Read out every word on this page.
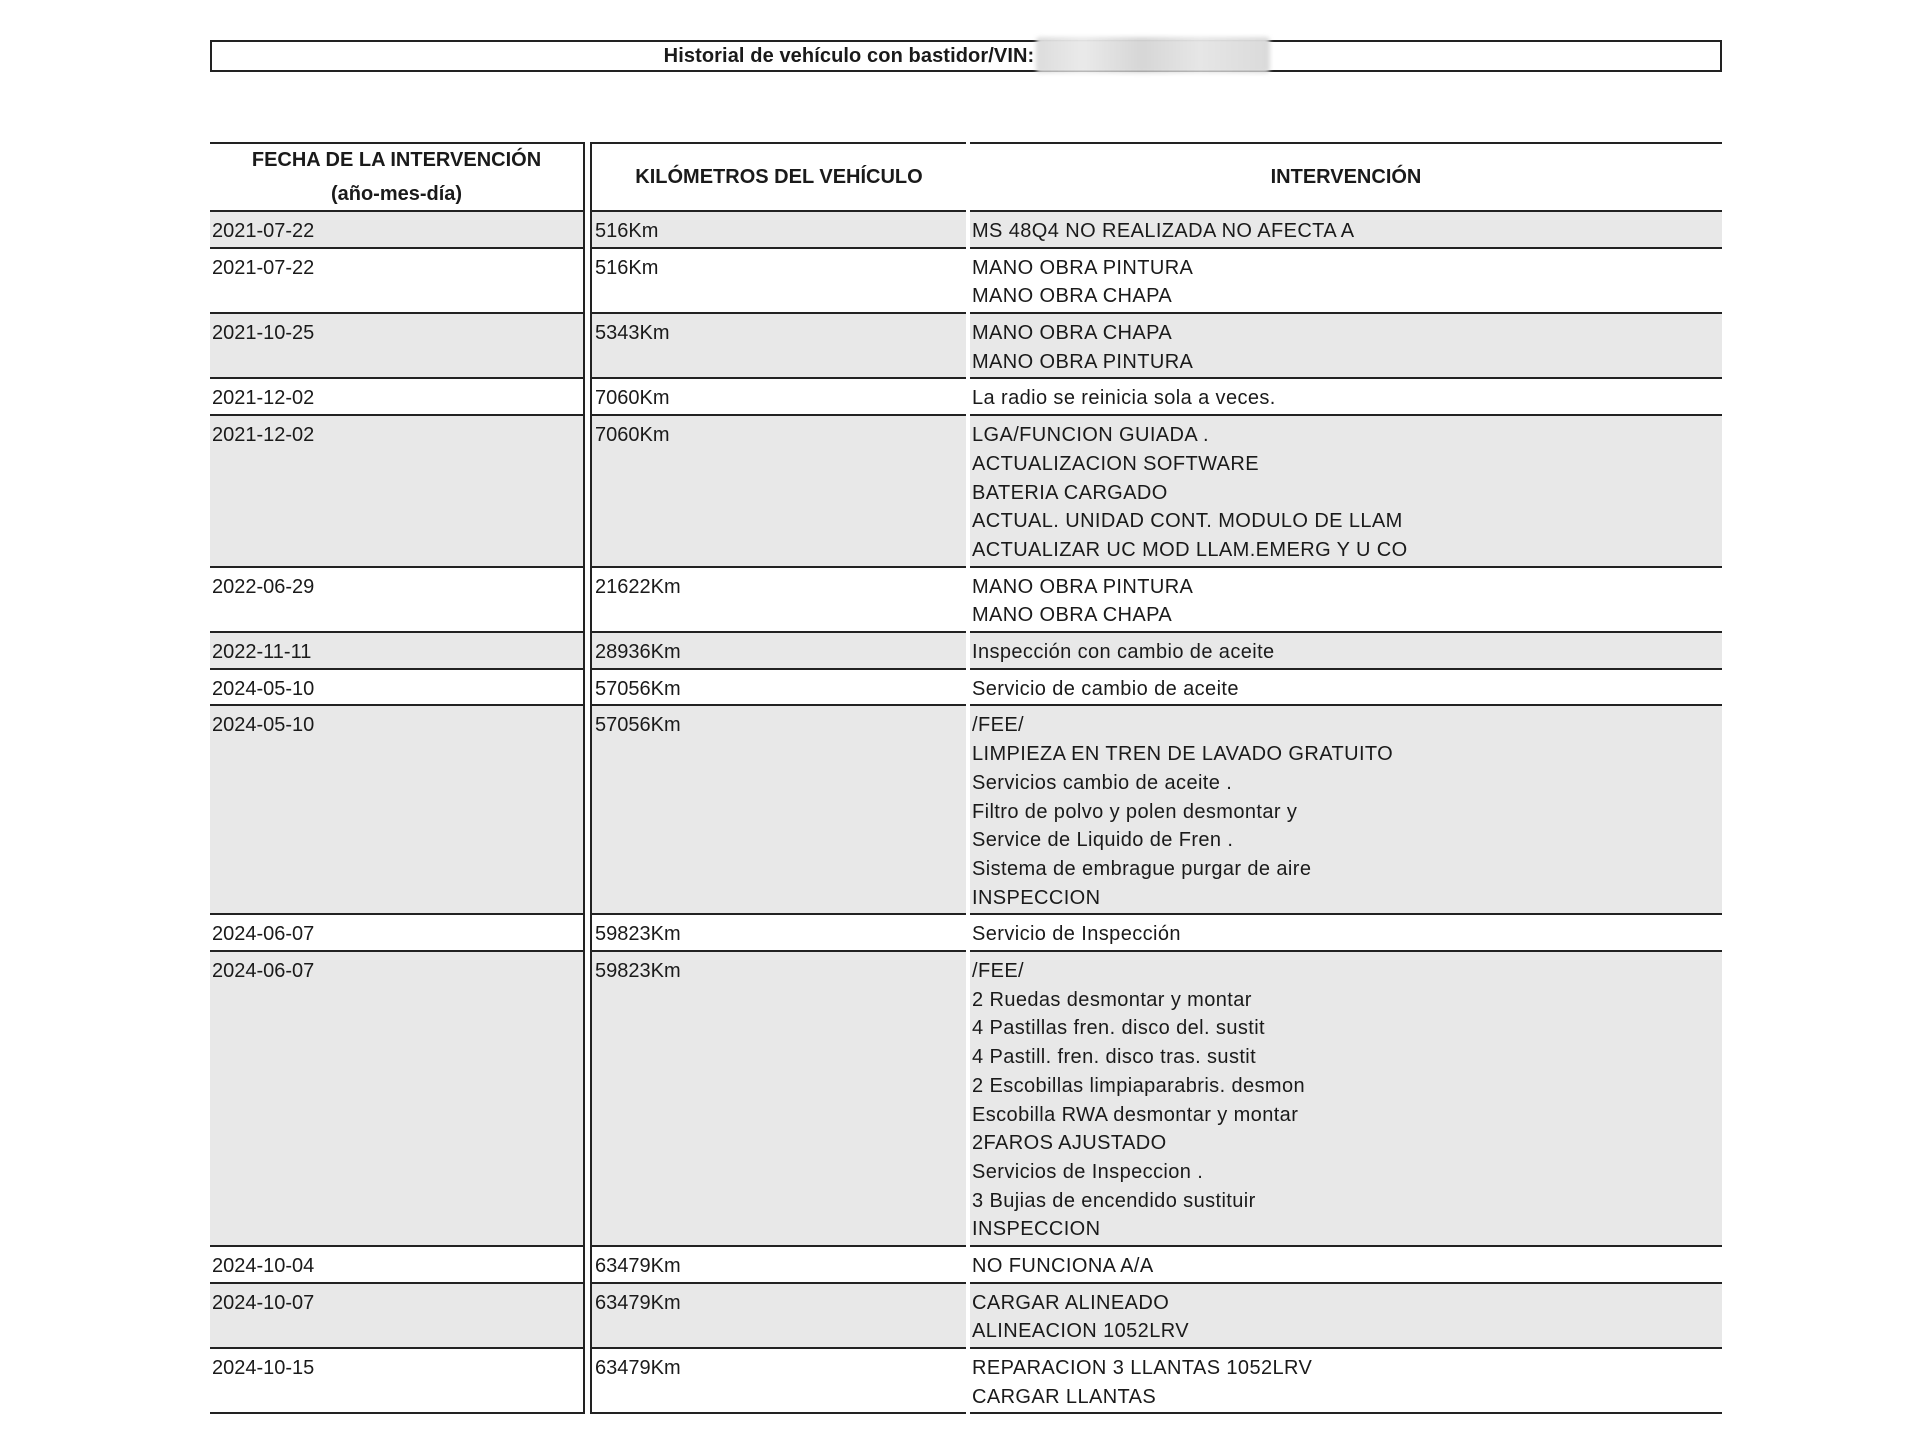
Historial de vehículo con bastidor/VIN:
FECHA DE LA INTERVENCIÓN
(año-mes-día)
KILÓMETROS DEL VEHÍCULO	INTERVENCIÓN
2021-07-22	516Km	MS 48Q4 NO REALIZADA NO AFECTA A
2021-07-22	516Km	MANO OBRA PINTURA
MANO OBRA CHAPA
2021-10-25	5343Km	MANO OBRA CHAPA
MANO OBRA PINTURA
2021-12-02	7060Km	La radio se reinicia sola a veces.
2021-12-02	7060Km	LGA/FUNCION GUIADA .
ACTUALIZACION SOFTWARE
BATERIA CARGADO
ACTUAL. UNIDAD CONT. MODULO DE LLAM
ACTUALIZAR UC MOD LLAM.EMERG Y U CO
2022-06-29	21622Km	MANO OBRA PINTURA
MANO OBRA CHAPA
2022-11-11	28936Km	Inspección con cambio de aceite
2024-05-10	57056Km	Servicio de cambio de aceite
2024-05-10	57056Km	/FEE/
LIMPIEZA EN TREN DE LAVADO GRATUITO
Servicios cambio de aceite .
Filtro de polvo y polen desmontar y
Service de Liquido de Fren .
Sistema de embrague purgar de aire
INSPECCION
2024-06-07	59823Km	Servicio de Inspección
2024-06-07	59823Km	/FEE/
2 Ruedas desmontar y montar
4 Pastillas fren. disco del. sustit
4 Pastill. fren. disco tras. sustit
2 Escobillas limpiaparabris. desmon
Escobilla RWA desmontar y montar
2FAROS AJUSTADO
Servicios de Inspeccion .
3 Bujias de encendido sustituir
INSPECCION
2024-10-04	63479Km	NO FUNCIONA A/A
2024-10-07	63479Km	CARGAR ALINEADO
ALINEACION 1052LRV
2024-10-15	63479Km	REPARACION 3 LLANTAS 1052LRV
CARGAR LLANTAS
